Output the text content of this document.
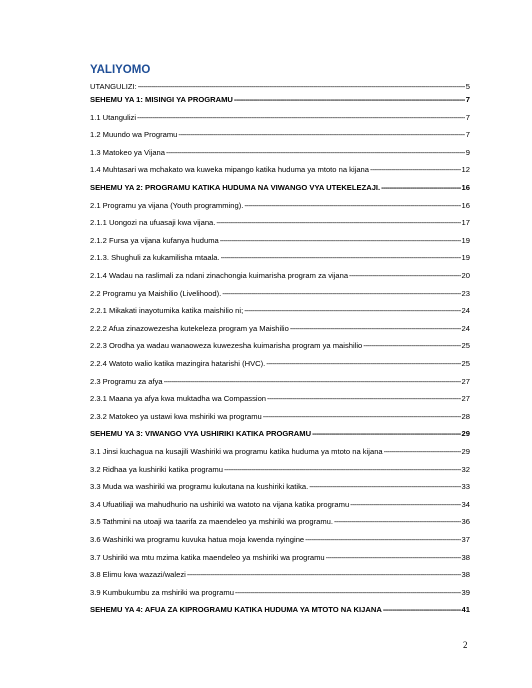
YALIYOMO
UTANGULIZI: -----	5
SEHEMU YA 1: MISINGI YA PROGRAMU -----	7
1.1 Utangulizi -----	7
1.2 Muundo wa Programu -----	7
1.3 Matokeo ya Vijana -----	9
1.4 Muhtasari wa mchakato wa kuweka mipango katika huduma ya mtoto na kijana -----	12
SEHEMU YA 2: PROGRAMU KATIKA HUDUMA NA VIWANGO VYA UTEKELEZAJI. -----	16
2.1 Programu ya vijana (Youth programming). -----	16
2.1.1 Uongozi na ufuasaji kwa vijana. -----	17
2.1.2 Fursa ya vijana kufanya huduma -----	19
2.1.3. Shughuli za kukamilisha mtaala. -----	19
2.1.4 Wadau na raslimali za ndani zinachongia kuimarisha program za vijana -----	20
2.2 Programu ya Maishilio (Livelihood). -----	23
2.2.1 Mikakati inayotumika katika maishilio ni; -----	24
2.2.2 Afua zinazowezesha kutekeleza program ya Maishilio -----	24
2.2.3 Orodha ya wadau wanaoweza kuwezesha kuimarisha program ya maishilio -----	25
2.2.4 Watoto walio katika mazingira hatarishi (HVC). -----	25
2.3 Programu za afya -----	27
2.3.1 Maana ya afya kwa muktadha wa Compassion -----	27
2.3.2 Matokeo ya ustawi kwa mshiriki wa programu -----	28
SEHEMU YA 3: VIWANGO VYA USHIRIKI KATIKA PROGRAMU -----	29
3.1 Jinsi kuchagua na kusajili Washiriki wa programu katika huduma ya mtoto na kijana -----	29
3.2 Ridhaa ya kushiriki katika programu -----	32
3.3 Muda wa washiriki wa programu kukutana na kushiriki katika. -----	33
3.4 Ufuatiliaji wa mahudhurio na ushiriki wa watoto na vijana katika programu -----	34
3.5 Tathmini na utoaji wa taarifa za maendeleo ya mshiriki wa programu. -----	36
3.6 Washiriki wa programu kuvuka hatua moja kwenda nyingine -----	37
3.7 Ushiriki wa mtu mzima katika maendeleo ya mshiriki wa programu -----	38
3.8 Elimu kwa wazazi/walezi -----	38
3.9 Kumbukumbu za mshiriki wa programu -----	39
SEHEMU YA 4: AFUA ZA KIPROGRAMU KATIKA HUDUMA YA MTOTO NA KIJANA -----	41
2
